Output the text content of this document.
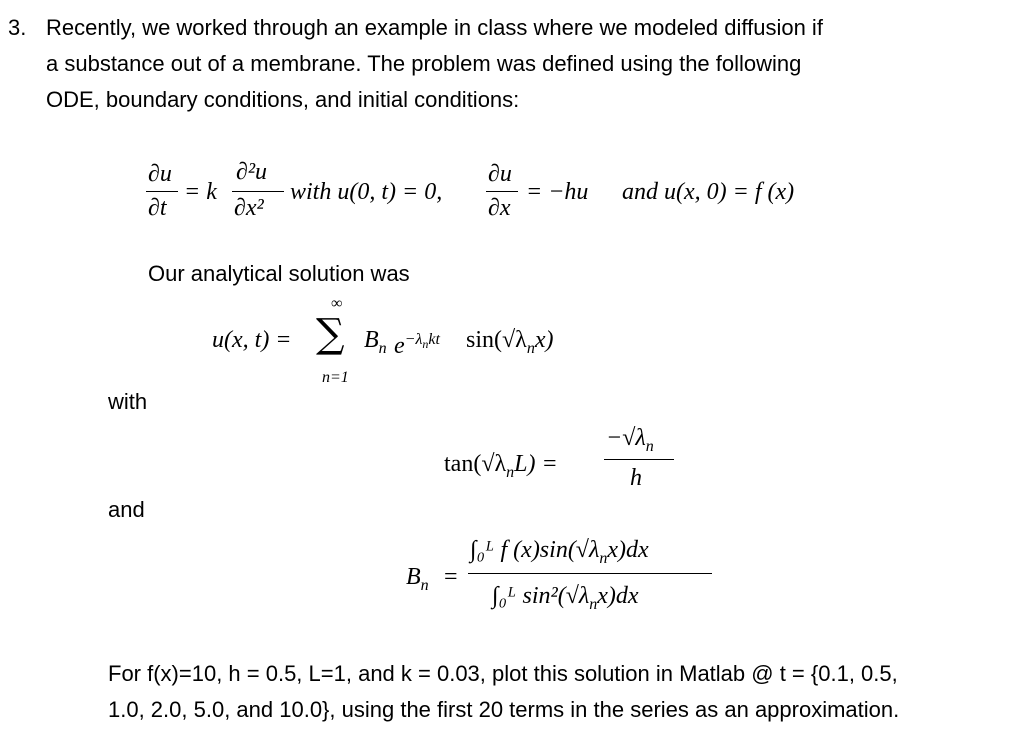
3. Recently, we worked through an example in class where we modeled diffusion if
a substance out of a membrane. The problem was defined using the following
ODE, boundary conditions, and initial conditions:
∂u
∂t
= k
∂²u
∂x²
with u(0, t) = 0,
∂u
∂x
= −hu and u(x, 0) = f (x)
Our analytical solution was
u(x, t) =
∞
∑
n=1
$B_n$ $e^{-\lambda_nkt}$ $\sin(√\lambda_nx)$
with
$\tan(√\lambda_nL)$ =
$-√\lambda_n$
h
and
$B_n$ =
∫₀ᴸ f $(x)\sin(√\lambda_nx)dx$
∫₀ᴸ $\sin^2(√\lambda_nx)dx$
For f(x)=10, h = 0.5, L=1, and k = 0.03, plot this solution in Matlab @ t = {0.1, 0.5,
1.0, 2.0, 5.0, and 10.0}, using the first 20 terms in the series as an approximation.
